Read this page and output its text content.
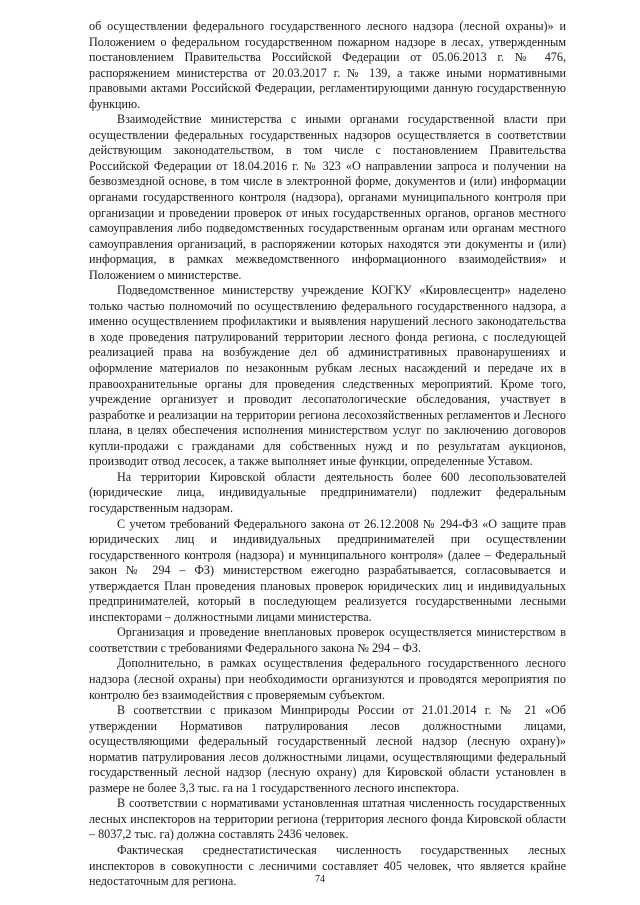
об осуществлении федерального государственного лесного надзора (лесной охраны)» и Положением о федеральном государственном пожарном надзоре в лесах, утвержденным постановлением Правительства Российской Федерации от 05.06.2013 г. № 476, распоряжением министерства от 20.03.2017 г. № 139, а также иными нормативными правовыми актами Российской Федерации, регламентирующими данную государственную функцию.

Взаимодействие министерства с иными органами государственной власти при осуществлении федеральных государственных надзоров осуществляется в соответствии действующим законодательством, в том числе с постановлением Правительства Российской Федерации от 18.04.2016 г. № 323 «О направлении запроса и получении на безвозмездной основе, в том числе в электронной форме, документов и (или) информации органами государственного контроля (надзора), органами муниципального контроля при организации и проведении проверок от иных государственных органов, органов местного самоуправления либо подведомственных государственным органам или органам местного самоуправления организаций, в распоряжении которых находятся эти документы и (или) информация, в рамках межведомственного информационного взаимодействия» и Положением о министерстве.

Подведомственное министерству учреждение КОГКУ «Кировлесцентр» наделено только частью полномочий по осуществлению федерального государственного надзора, а именно осуществлением профилактики и выявления нарушений лесного законодательства в ходе проведения патрулирований территории лесного фонда региона, с последующей реализацией права на возбуждение дел об административных правонарушениях и оформление материалов по незаконным рубкам лесных насаждений и передаче их в правоохранительные органы для проведения следственных мероприятий. Кроме того, учреждение организует и проводит лесопатологические обследования, участвует в разработке и реализации на территории региона лесохозяйственных регламентов и Лесного плана, в целях обеспечения исполнения министерством услуг по заключению договоров купли-продажи с гражданами для собственных нужд и по результатам аукционов, производит отвод лесосек, а также выполняет иные функции, определенные Уставом.

На территории Кировской области деятельность более 600 лесопользователей (юридические лица, индивидуальные предприниматели) подлежит федеральным государственным надзорам.

С учетом требований Федерального закона от 26.12.2008 № 294-ФЗ «О защите прав юридических лиц и индивидуальных предпринимателей при осуществлении государственного контроля (надзора) и муниципального контроля» (далее – Федеральный закон № 294 – ФЗ) министерством ежегодно разрабатывается, согласовывается и утверждается План проведения плановых проверок юридических лиц и индивидуальных предпринимателей, который в последующем реализуется государственными лесными инспекторами – должностными лицами министерства.

Организация и проведение внеплановых проверок осуществляется министерством в соответствии с требованиями Федерального закона № 294 – ФЗ.

Дополнительно, в рамках осуществления федерального государственного лесного надзора (лесной охраны) при необходимости организуются и проводятся мероприятия по контролю без взаимодействия с проверяемым субъектом.

В соответствии с приказом Минприроды России от 21.01.2014 г. № 21 «Об утверждении Нормативов патрулирования лесов должностными лицами, осуществляющими федеральный государственный лесной надзор (лесную охрану)» норматив патрулирования лесов должностными лицами, осуществляющими федеральный государственный лесной надзор (лесную охрану) для Кировской области установлен в размере не более 3,3 тыс. га на 1 государственного лесного инспектора.

В соответствии с нормативами установленная штатная численность государственных лесных инспекторов на территории региона (территория лесного фонда Кировской области – 8037,2 тыс. га) должна составлять 2436 человек.

Фактическая среднестатистическая численность государственных лесных инспекторов в совокупности с лесничими составляет 405 человек, что является крайне недостаточным для региона.	74
